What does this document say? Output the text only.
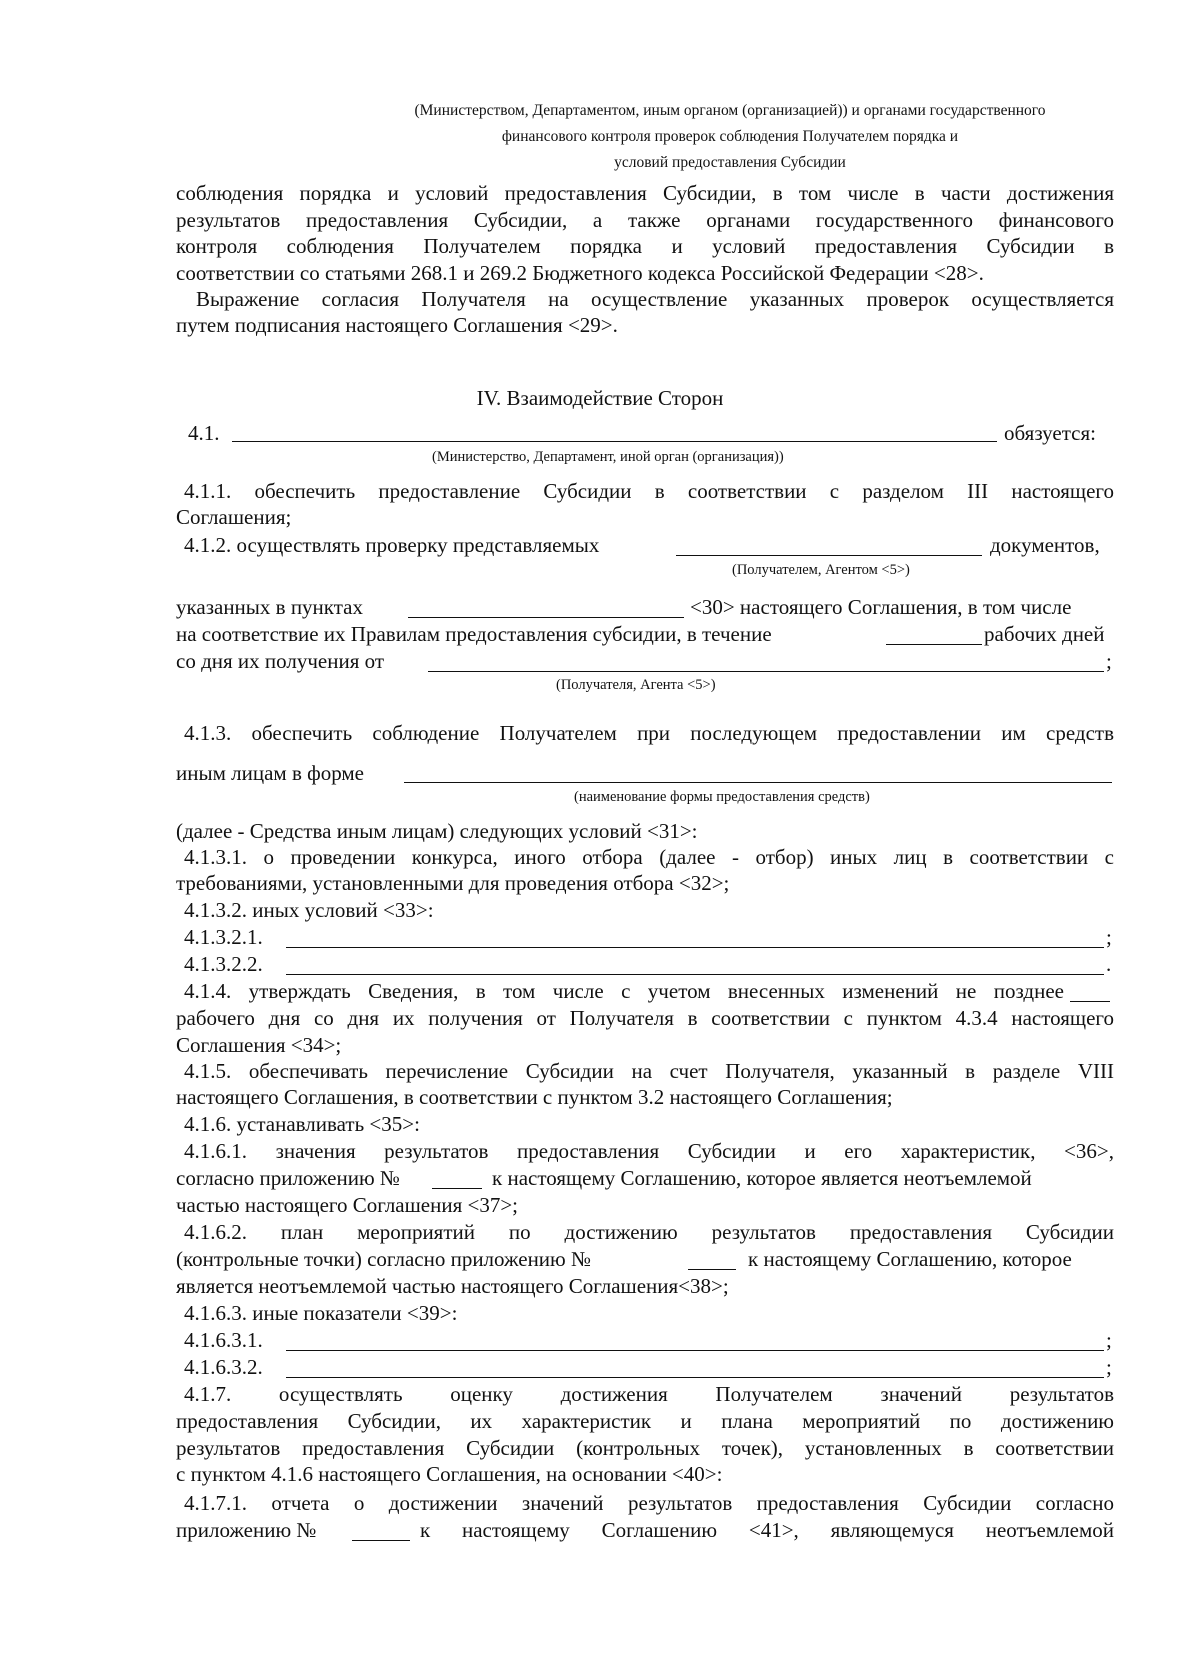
(Министерством, Департаментом, иным органом (организацией)) и органами государственного
финансового контроля проверок соблюдения Получателем порядка и
условий предоставления Субсидии
соблюдения порядка и условий предоставления Субсидии, в том числе в части достижения
результатов предоставления Субсидии, а также органами государственного финансового
контроля соблюдения Получателем порядка и условий предоставления Субсидии в
соответствии со статьями 268.1 и 269.2 Бюджетного кодекса Российской Федерации <28>.
Выражение согласия Получателя на осуществление указанных проверок осуществляется
путем подписания настоящего Соглашения <29>.
IV. Взаимодействие Сторон
4.1.	обязуется:
(Министерство, Департамент, иной орган (организация))
4.1.1. обеспечить предоставление Субсидии в соответствии с разделом III настоящего
Соглашения;
4.1.2. осуществлять проверку представляемых	документов,
(Получателем, Агентом <5>)
указанных в пунктах	<30> настоящего Соглашения, в том числе
на соответствие их Правилам предоставления субсидии, в течение	рабочих дней
со дня их получения от	;
(Получателя, Агента <5>)
4.1.3. обеспечить соблюдение Получателем при последующем предоставлении им средств
иным лицам в форме
(наименование формы предоставления средств)
(далее - Средства иным лицам) следующих условий <31>:
4.1.3.1. о проведении конкурса, иного отбора (далее - отбор) иных лиц в соответствии с
требованиями, установленными для проведения отбора <32>;
4.1.3.2. иных условий <33>:
4.1.3.2.1.	;
4.1.3.2.2.	.
4.1.4. утверждать Сведения, в том числе с учетом внесенных изменений не позднее
рабочего дня со дня их получения от Получателя в соответствии с пунктом 4.3.4 настоящего
Соглашения <34>;
4.1.5. обеспечивать перечисление Субсидии на счет Получателя, указанный в разделе VIII
настоящего Соглашения, в соответствии с пунктом 3.2 настоящего Соглашения;
4.1.6. устанавливать <35>:
4.1.6.1. значения результатов предоставления Субсидии и его характеристик, <36>,
согласно приложению №	к настоящему Соглашению, которое является неотъемлемой
частью настоящего Соглашения <37>;
4.1.6.2. план мероприятий по достижению результатов предоставления Субсидии
(контрольные точки) согласно приложению №	к настоящему Соглашению, которое
является неотъемлемой частью настоящего Соглашения<38>;
4.1.6.3. иные показатели <39>:
4.1.6.3.1.	;
4.1.6.3.2.	;
4.1.7. осуществлять оценку достижения Получателем значений результатов
предоставления Субсидии, их характеристик и плана мероприятий по достижению
результатов предоставления Субсидии (контрольных точек), установленных в соответствии
с пунктом 4.1.6 настоящего Соглашения, на основании <40>:
4.1.7.1. отчета о достижении значений результатов предоставления Субсидии согласно
приложению №	к настоящему Соглашению <41>, являющемуся неотъемлемой
